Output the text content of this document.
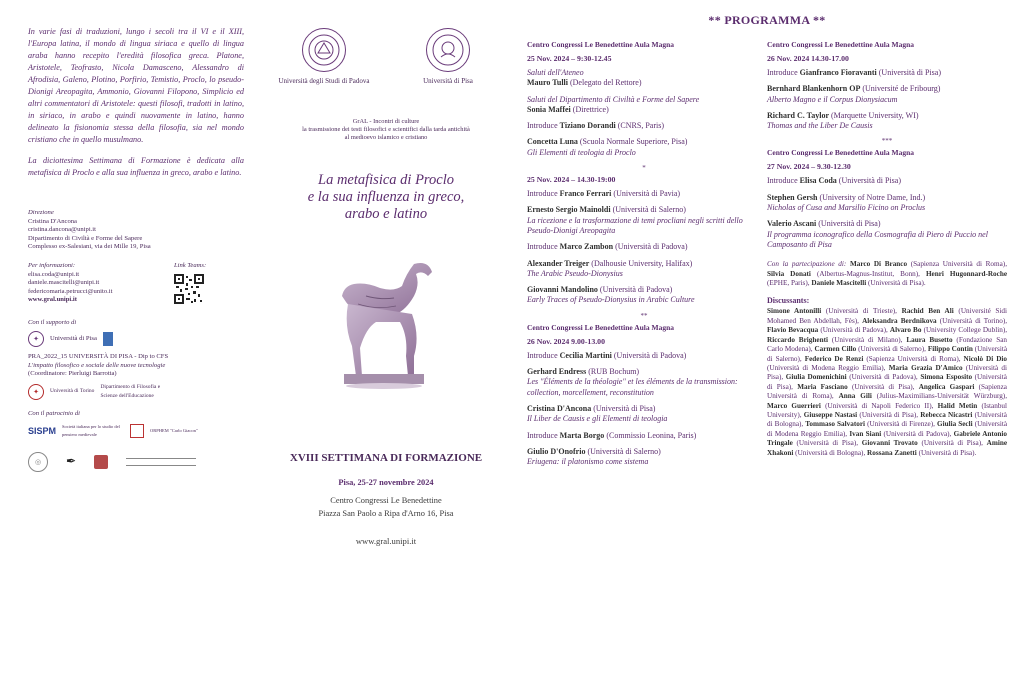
In varie fasi di traduzioni, lungo i secoli tra il VI e il XIII, l'Europa latina, il mondo di lingua siriaca e quello di lingua araba hanno recepito l'eredità filosofica greca. Platone, Aristotele, Teofrasto, Nicola Damasceno, Alessandro di Afrodisia, Galeno, Plotino, Porfirio, Temistio, Proclo, lo pseudo-Dionigi Areopagita, Ammonio, Giovanni Filopono, Simplicio ed altri commentatori di Aristotele: questi filosofi, tradotti in latino, in siriaco, in arabo e quindi nuovamente in latino, hanno delineato la fisionomia stessa della filosofia, sia nel mondo cristiano che in quello musulmano.

La diciottesima Settimana di Formazione è dedicata alla metafisica di Proclo e alla sua influenza in greco, arabo e latino.

Direzione
Cristina D'Ancona
cristina.dancona@unipi.it
Dipartimento di Civiltà e Forme del Sapere
Complesso ex-Salesiani, via dei Mille 19, Pisa
Per informazioni:
elisa.coda@unipi.it
daniele.mascitelli@unipi.it
federicomaria.petrucci@unito.it
www.gral.unipi.it
Link Teams:
Con il supporto di
✦	Università di Pisa
PRA_2022_15 UNIVERSITÀ DI PISA - Dip to CFS
L'impatto filosofico e sociale delle nuove tecnologie
(Coordinatore: Pierluigi Barrotta)
✦	Università di Torino
Dipartimento di Filosofia e Scienze dell'Educazione
Con il patrocinio di
SISPM
Società italiana per lo studio del pensiero medievale
ORPHEM "Carlo Giacon"
◎	✒
Università degli Studi di Padova	Università di Pisa
GrAL - Incontri di culture
la trasmissione dei testi filosofici e scientifici dalla tarda antichità
al medioevo islamico e cristiano
La metafisica di Proclo
e la sua influenza in greco,
arabo e latino
XVIII SETTIMANA DI FORMAZIONE
Pisa, 25-27 novembre 2024
Centro Congressi Le Benedettine
Piazza San Paolo a Ripa d'Arno 16, Pisa
www.gral.unipi.it
** PROGRAMMA **
Centro Congressi Le Benedettine Aula Magna
25 Nov. 2024 – 9:30-12.45
Saluti dell'Ateneo
Mauro Tulli (Delegato del Rettore)
Saluti del Dipartimento di Civiltà e Forme del Sapere
Sonia Maffei (Direttrice)
Introduce Tiziano Dorandi (CNRS, Paris)
Concetta Luna (Scuola Normale Superiore, Pisa)
Gli Elementi di teologia di Proclo
*
25 Nov. 2024 – 14.30-19:00
Introduce Franco Ferrari (Università di Pavia)
Ernesto Sergio Mainoldi (Università di Salerno)
La ricezione e la trasformazione di temi procliani negli scritti dello Pseudo-Dionigi Areopagita
Introduce Marco Zambon (Università di Padova)
Alexander Treiger (Dalhousie University, Halifax)
The Arabic Pseudo-Dionysius
Giovanni Mandolino (Università di Padova)
Early Traces of Pseudo-Dionysius in Arabic Culture
**
Centro Congressi Le Benedettine Aula Magna
26 Nov. 2024 9.00-13.00
Introduce Cecilia Martini (Università di Padova)
Gerhard Endress (RUB Bochum)
Les "Éléments de la théologie" et les éléments de la transmission: collection, morcellement, reconstitution
Cristina D'Ancona (Università di Pisa)
Il Liber de Causis e gli Elementi di teologia
Introduce Marta Borgo (Commissio Leonina, Paris)
Giulio D'Onofrio (Università di Salerno)
Eriugena: il platonismo come sistema
Centro Congressi Le Benedettine Aula Magna
26 Nov. 2024 14.30-17.00
Introduce Gianfranco Fioravanti (Università di Pisa)
Bernhard Blankenhorn OP (Université de Fribourg)
Alberto Magno e il Corpus Dionysiacum
Richard C. Taylor (Marquette University, WI)
Thomas and the Liber De Causis
***
Centro Congressi Le Benedettine Aula Magna
27 Nov. 2024 – 9.30-12.30
Introduce Elisa Coda (Università di Pisa)
Stephen Gersh (University of Notre Dame, Ind.)
Nicholas of Cusa and Marsilio Ficino on Proclus
Valerio Ascani (Università di Pisa)
Il programma iconografico della Cosmografia di Piero di Puccio nel Camposanto di Pisa
Con la partecipazione di: Marco Di Branco (Sapienza Università di Roma), Silvia Donati (Albertus-Magnus-Institut, Bonn), Henri Hugonnard-Roche (EPHE, Paris), Daniele Mascitelli (Università di Pisa).
Discussants:
Simone Antonilli (Università di Trieste), Rachid Ben Ali (Université Sidi Mohamed Ben Abdellah, Fès), Aleksandra Berdnikova (Università di Torino), Flavio Bevacqua (Università di Padova), Alvaro Bo (University College Dublin), Riccardo Brighenti (Università di Milano), Laura Busetto (Fondazione San Carlo Modena), Carmen Cillo (Università di Salerno), Filippo Contin (Università di Salerno), Federico De Renzi (Sapienza Università di Roma), Nicolò Di Dio (Università di Modena Reggio Emilia), Maria Grazia D'Amico (Università di Pisa), Giulia Domenichini (Università di Padova), Simona Esposito (Università di Pisa), Maria Fasciano (Università di Pisa), Angelica Gaspari (Sapienza Università di Roma), Anna Gili (Julius-Maximilians-Universität Würzburg), Marco Guerrieri (Università di Napoli Federico II), Halid Metin (Istanbul University), Giuseppe Nastasi (Università di Pisa), Rebecca Nicastri (Università di Bologna), Tommaso Salvatori (Università di Firenze), Giulia Secli (Università di Modena Reggio Emilia), Ivan Siani (Università di Padova), Gabriele Antonio Tringale (Università di Pisa), Giovanni Trovato (Università di Pisa), Amine Xhakoni (Università di Bologna), Rossana Zanetti (Università di Pisa).
